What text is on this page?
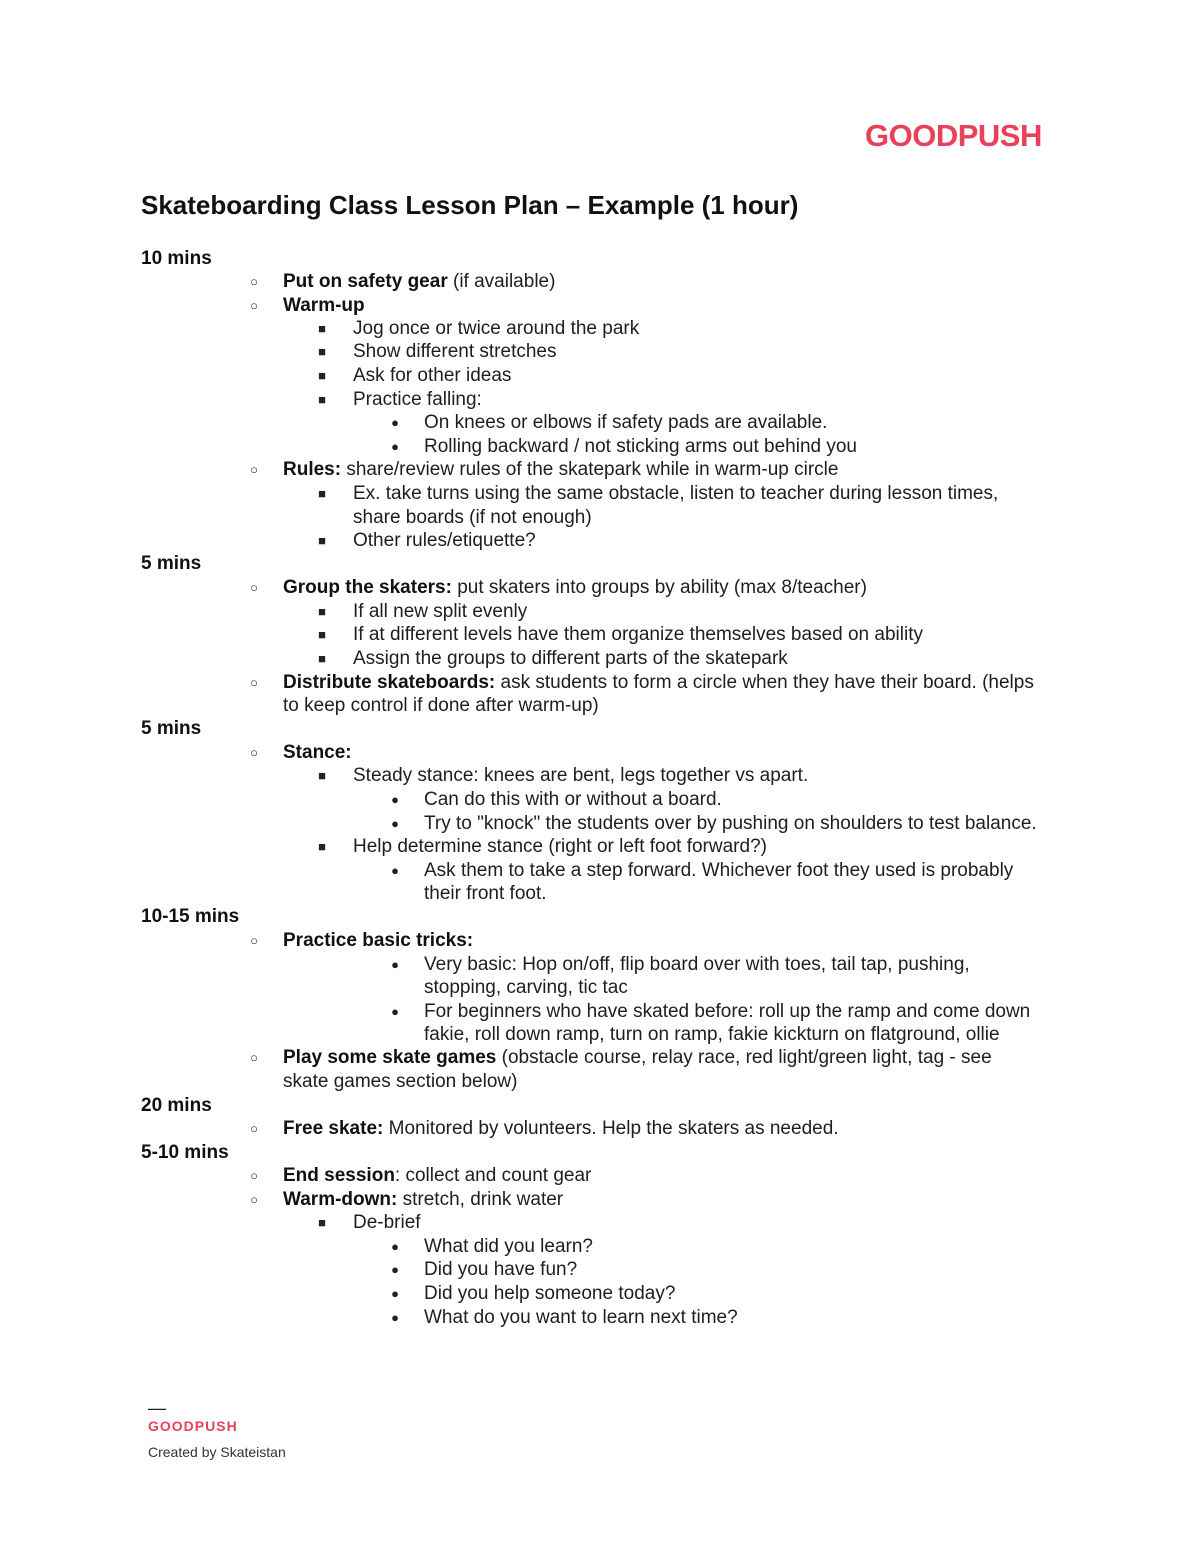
GOODPUSH
Skateboarding Class Lesson Plan – Example (1 hour)
10 mins
○	Put on safety gear (if available)
○	Warm-up
■	Jog once or twice around the park
■	Show different stretches
■	Ask for other ideas
■	Practice falling:
●	On knees or elbows if safety pads are available.
●	Rolling backward / not sticking arms out behind you
○	Rules: share/review rules of the skatepark while in warm-up circle
■	Ex. take turns using the same obstacle, listen to teacher during lesson times,
share boards (if not enough)
■	Other rules/etiquette?
5 mins
○	Group the skaters: put skaters into groups by ability (max 8/teacher)
■	If all new split evenly
■	If at different levels have them organize themselves based on ability
■	Assign the groups to different parts of the skatepark
○	Distribute skateboards: ask students to form a circle when they have their board. (helps
to keep control if done after warm-up)
5 mins
○	Stance:
■	Steady stance: knees are bent, legs together vs apart.
●	Can do this with or without a board.
●	Try to "knock" the students over by pushing on shoulders to test balance.
■	Help determine stance (right or left foot forward?)
●	Ask them to take a step forward. Whichever foot they used is probably
their front foot.
10-15 mins
○	Practice basic tricks:
●	Very basic: Hop on/off, flip board over with toes, tail tap, pushing,
stopping, carving, tic tac
●	For beginners who have skated before: roll up the ramp and come down
fakie, roll down ramp, turn on ramp, fakie kickturn on flatground, ollie
○	Play some skate games (obstacle course, relay race, red light/green light, tag - see
skate games section below)
20 mins
○	Free skate: Monitored by volunteers. Help the skaters as needed.
5-10 mins
○	End session: collect and count gear
○	Warm-down: stretch, drink water
■	De-brief
●	What did you learn?
●	Did you have fun?
●	Did you help someone today?
●	What do you want to learn next time?
—
GOODPUSH
Created by Skateistan
